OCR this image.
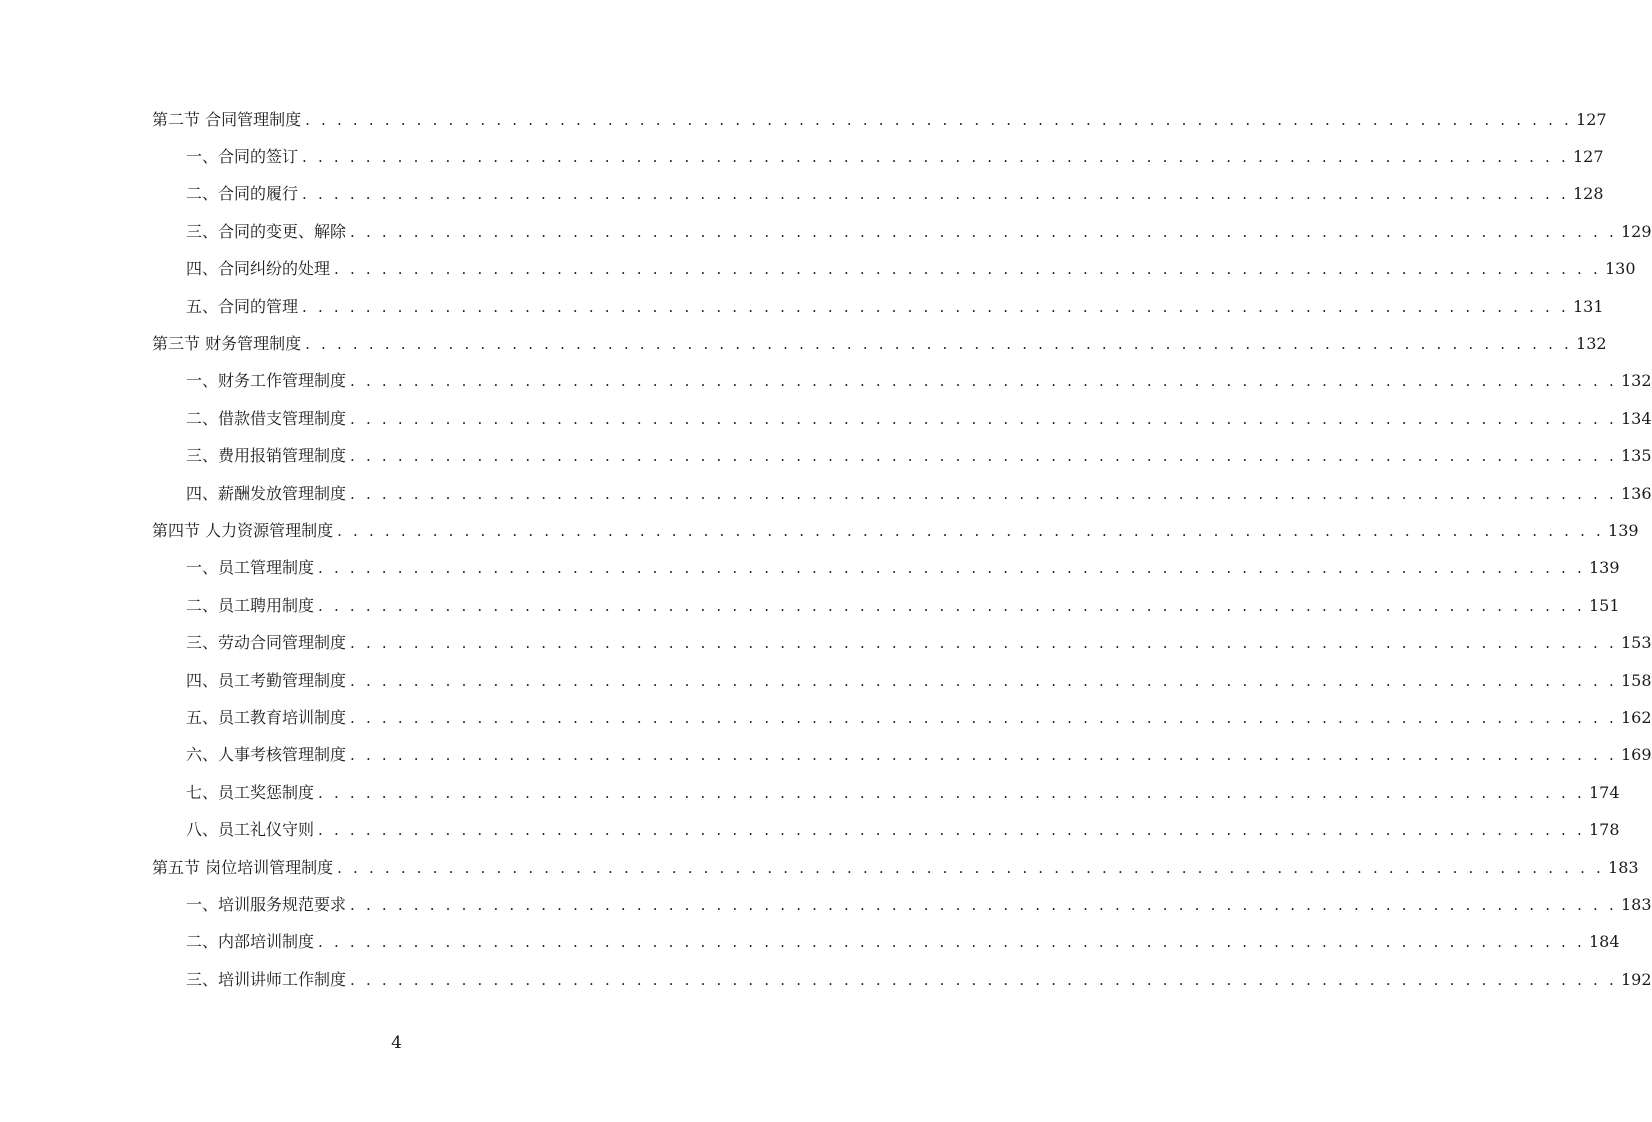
第二节 合同管理制度 . . . . . . . . . . . . . . . . . . . . . . . . . . . . . . . . . . . . . . . . . . . . . . . . . . . . . . . . . . . . . . . . . . . . . . . . . . . . . . . . 127
一、合同的签订 . . . . . . . . . . . . . . . . . . . . . . . . . . . . . . . . . . . . . . . . . . . . . . . . . . . . . . . . . . . . . . . . . . . . . . . . . . . . . . . . 127
二、合同的履行 . . . . . . . . . . . . . . . . . . . . . . . . . . . . . . . . . . . . . . . . . . . . . . . . . . . . . . . . . . . . . . . . . . . . . . . . . . . . . . . . 128
三、合同的变更、解除 . . . . . . . . . . . . . . . . . . . . . . . . . . . . . . . . . . . . . . . . . . . . . . . . . . . . . . . . . . . . . . . . . . . . . . . . . . . . . . . . 129
四、合同纠纷的处理 . . . . . . . . . . . . . . . . . . . . . . . . . . . . . . . . . . . . . . . . . . . . . . . . . . . . . . . . . . . . . . . . . . . . . . . . . . . . . . . . 130
五、合同的管理 . . . . . . . . . . . . . . . . . . . . . . . . . . . . . . . . . . . . . . . . . . . . . . . . . . . . . . . . . . . . . . . . . . . . . . . . . . . . . . . . 131
第三节 财务管理制度 . . . . . . . . . . . . . . . . . . . . . . . . . . . . . . . . . . . . . . . . . . . . . . . . . . . . . . . . . . . . . . . . . . . . . . . . . . . . . . . . 132
一、财务工作管理制度 . . . . . . . . . . . . . . . . . . . . . . . . . . . . . . . . . . . . . . . . . . . . . . . . . . . . . . . . . . . . . . . . . . . . . . . . . . . . . . . . 132
二、借款借支管理制度 . . . . . . . . . . . . . . . . . . . . . . . . . . . . . . . . . . . . . . . . . . . . . . . . . . . . . . . . . . . . . . . . . . . . . . . . . . . . . . . . 134
三、费用报销管理制度 . . . . . . . . . . . . . . . . . . . . . . . . . . . . . . . . . . . . . . . . . . . . . . . . . . . . . . . . . . . . . . . . . . . . . . . . . . . . . . . . 135
四、薪酬发放管理制度 . . . . . . . . . . . . . . . . . . . . . . . . . . . . . . . . . . . . . . . . . . . . . . . . . . . . . . . . . . . . . . . . . . . . . . . . . . . . . . . . 136
第四节 人力资源管理制度 . . . . . . . . . . . . . . . . . . . . . . . . . . . . . . . . . . . . . . . . . . . . . . . . . . . . . . . . . . . . . . . . . . . . . . . . . . . . . . . . 139
一、员工管理制度 . . . . . . . . . . . . . . . . . . . . . . . . . . . . . . . . . . . . . . . . . . . . . . . . . . . . . . . . . . . . . . . . . . . . . . . . . . . . . . . . 139
二、员工聘用制度 . . . . . . . . . . . . . . . . . . . . . . . . . . . . . . . . . . . . . . . . . . . . . . . . . . . . . . . . . . . . . . . . . . . . . . . . . . . . . . . . 151
三、劳动合同管理制度 . . . . . . . . . . . . . . . . . . . . . . . . . . . . . . . . . . . . . . . . . . . . . . . . . . . . . . . . . . . . . . . . . . . . . . . . . . . . . . . . 153
四、员工考勤管理制度 . . . . . . . . . . . . . . . . . . . . . . . . . . . . . . . . . . . . . . . . . . . . . . . . . . . . . . . . . . . . . . . . . . . . . . . . . . . . . . . . 158
五、员工教育培训制度 . . . . . . . . . . . . . . . . . . . . . . . . . . . . . . . . . . . . . . . . . . . . . . . . . . . . . . . . . . . . . . . . . . . . . . . . . . . . . . . . 162
六、人事考核管理制度 . . . . . . . . . . . . . . . . . . . . . . . . . . . . . . . . . . . . . . . . . . . . . . . . . . . . . . . . . . . . . . . . . . . . . . . . . . . . . . . . 169
七、员工奖惩制度 . . . . . . . . . . . . . . . . . . . . . . . . . . . . . . . . . . . . . . . . . . . . . . . . . . . . . . . . . . . . . . . . . . . . . . . . . . . . . . . . 174
八、员工礼仪守则 . . . . . . . . . . . . . . . . . . . . . . . . . . . . . . . . . . . . . . . . . . . . . . . . . . . . . . . . . . . . . . . . . . . . . . . . . . . . . . . . 178
第五节 岗位培训管理制度 . . . . . . . . . . . . . . . . . . . . . . . . . . . . . . . . . . . . . . . . . . . . . . . . . . . . . . . . . . . . . . . . . . . . . . . . . . . . . . . . 183
一、培训服务规范要求 . . . . . . . . . . . . . . . . . . . . . . . . . . . . . . . . . . . . . . . . . . . . . . . . . . . . . . . . . . . . . . . . . . . . . . . . . . . . . . . . 183
二、内部培训制度 . . . . . . . . . . . . . . . . . . . . . . . . . . . . . . . . . . . . . . . . . . . . . . . . . . . . . . . . . . . . . . . . . . . . . . . . . . . . . . . . 184
三、培训讲师工作制度 . . . . . . . . . . . . . . . . . . . . . . . . . . . . . . . . . . . . . . . . . . . . . . . . . . . . . . . . . . . . . . . . . . . . . . . . . . . . . . . . 192
4
